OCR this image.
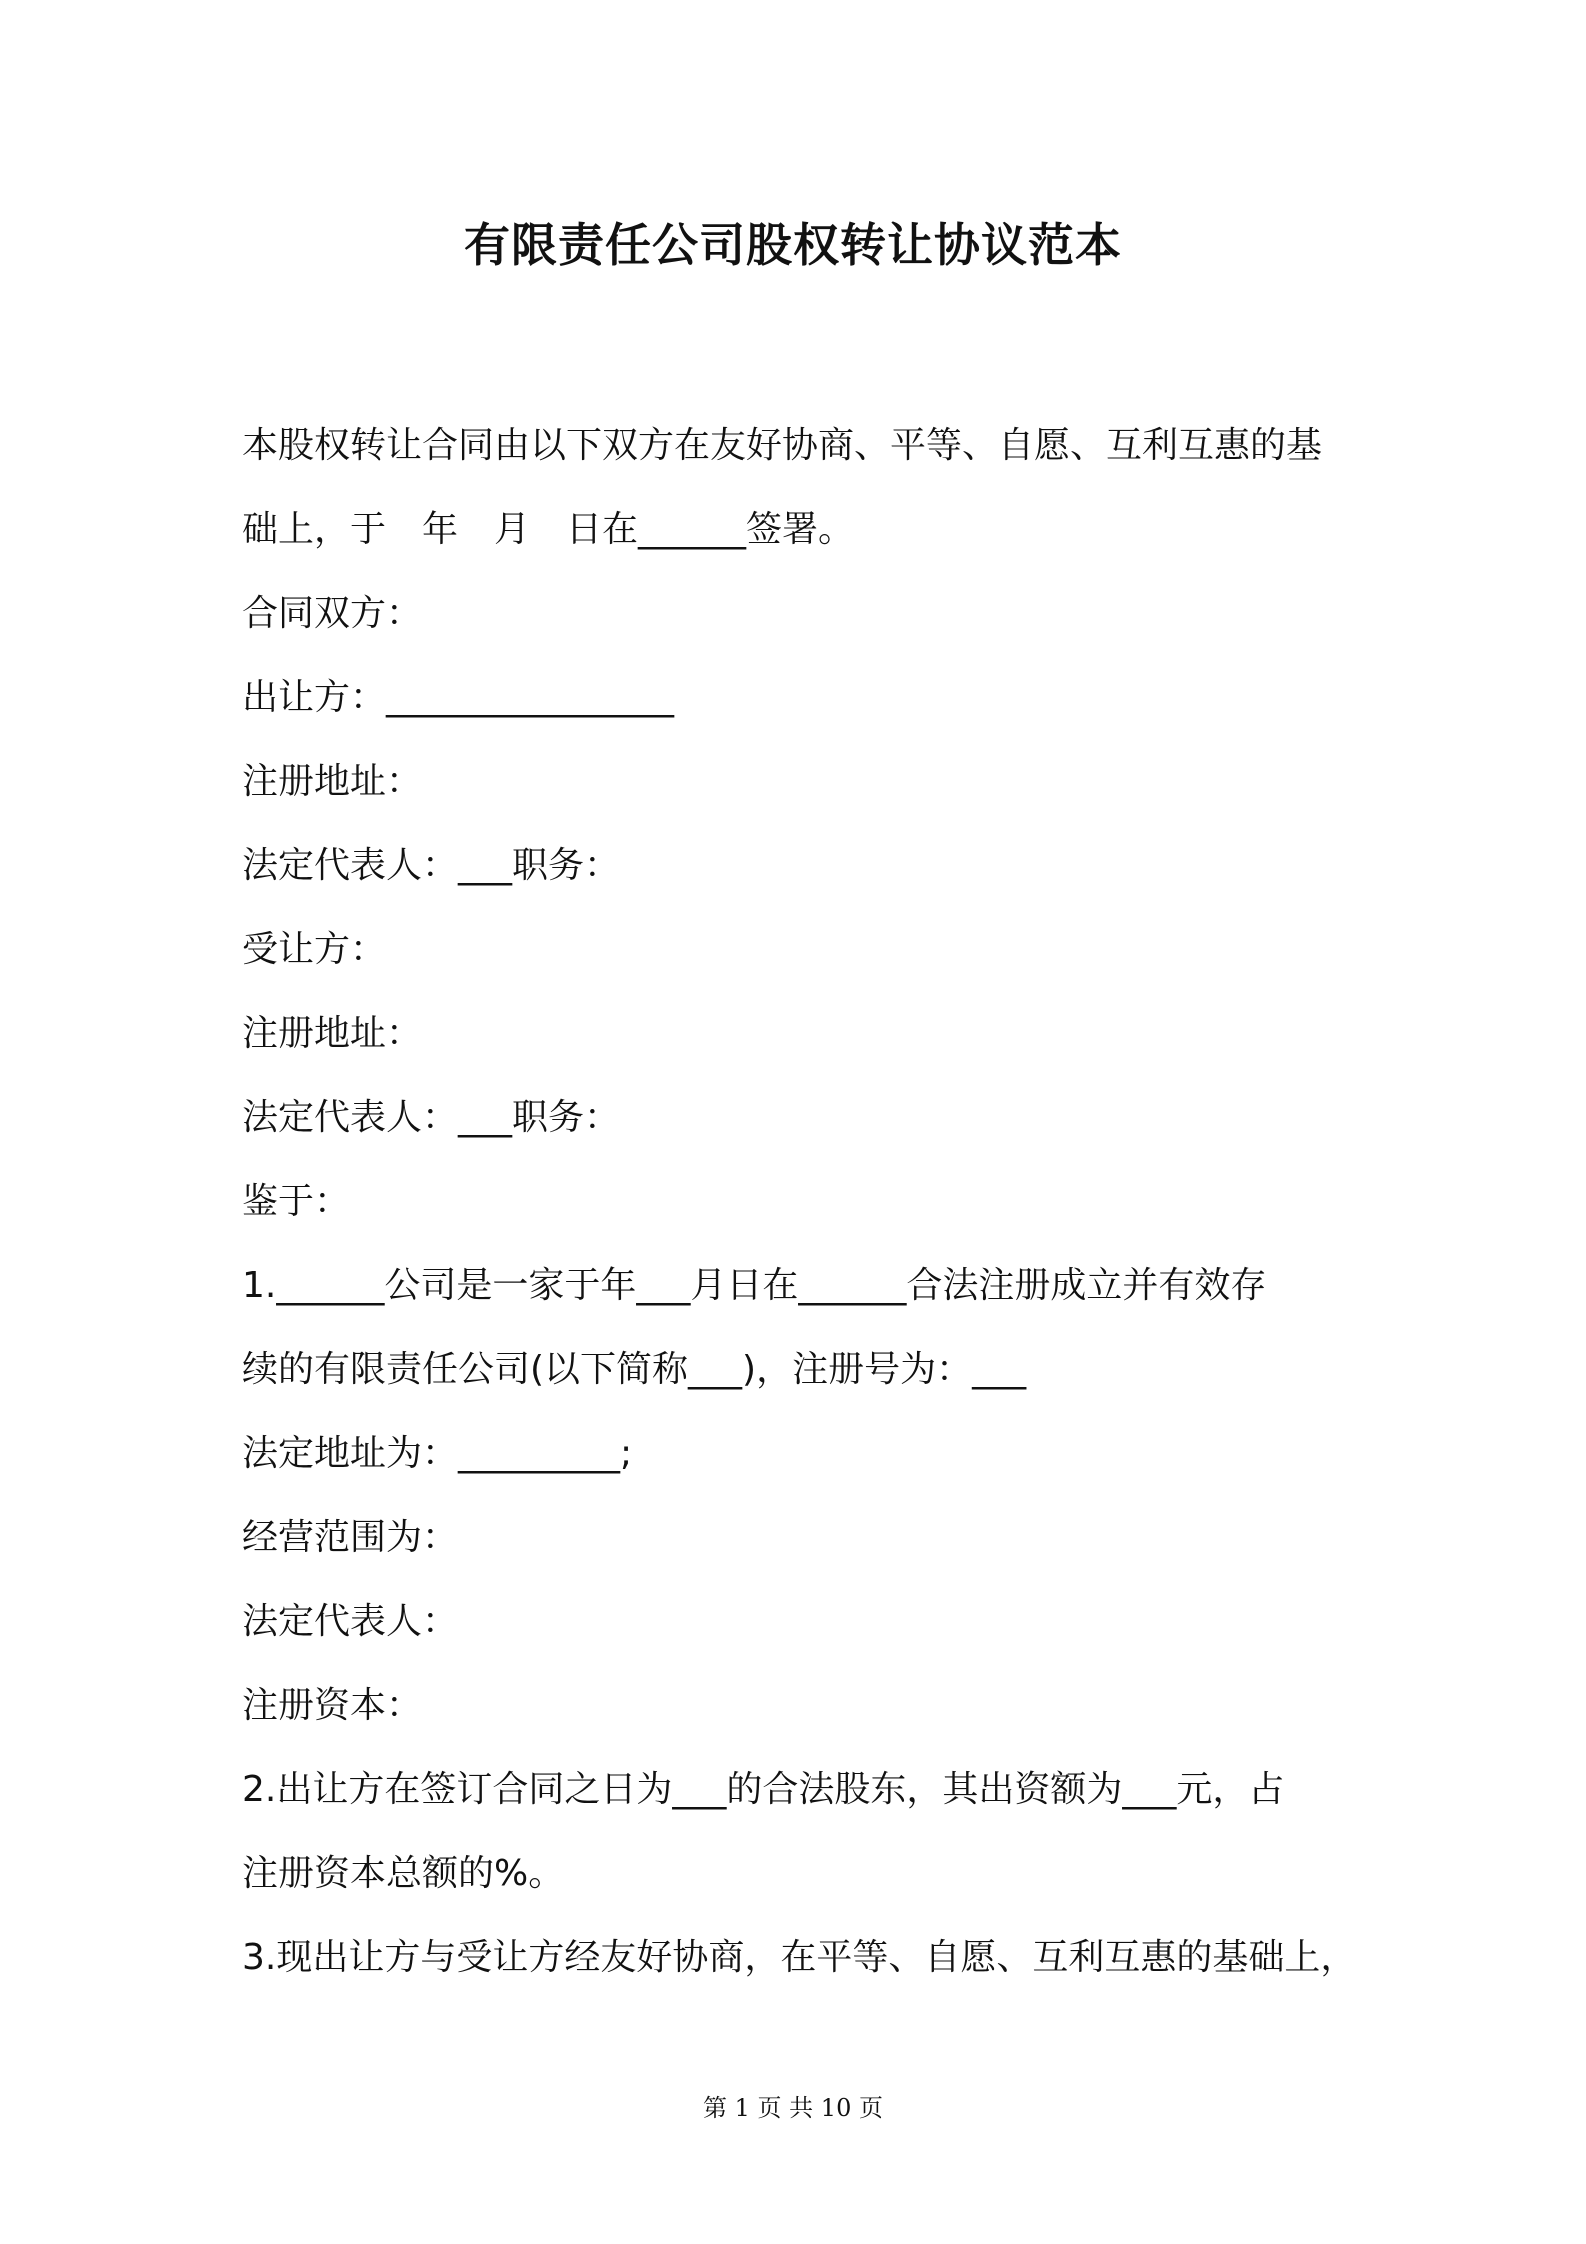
有限责任公司股权转让协议范本
本股权转让合同由以下双方在友好协商、平等、自愿、互利互惠的基
础上，于　年　月　日在______签署。
合同双方：
出让方：________________
注册地址：
法定代表人：___职务：
受让方：
注册地址：
法定代表人：___职务：
鉴于：
1.______公司是一家于年___月日在______合法注册成立并有效存
续的有限责任公司(以下简称___)，注册号为：___
法定地址为：_________;
经营范围为：
法定代表人：
注册资本：
2.出让方在签订合同之日为___的合法股东，其出资额为___元，占
注册资本总额的%。
3.现出让方与受让方经友好协商，在平等、自愿、互利互惠的基础上，
第 1 页 共 10 页
